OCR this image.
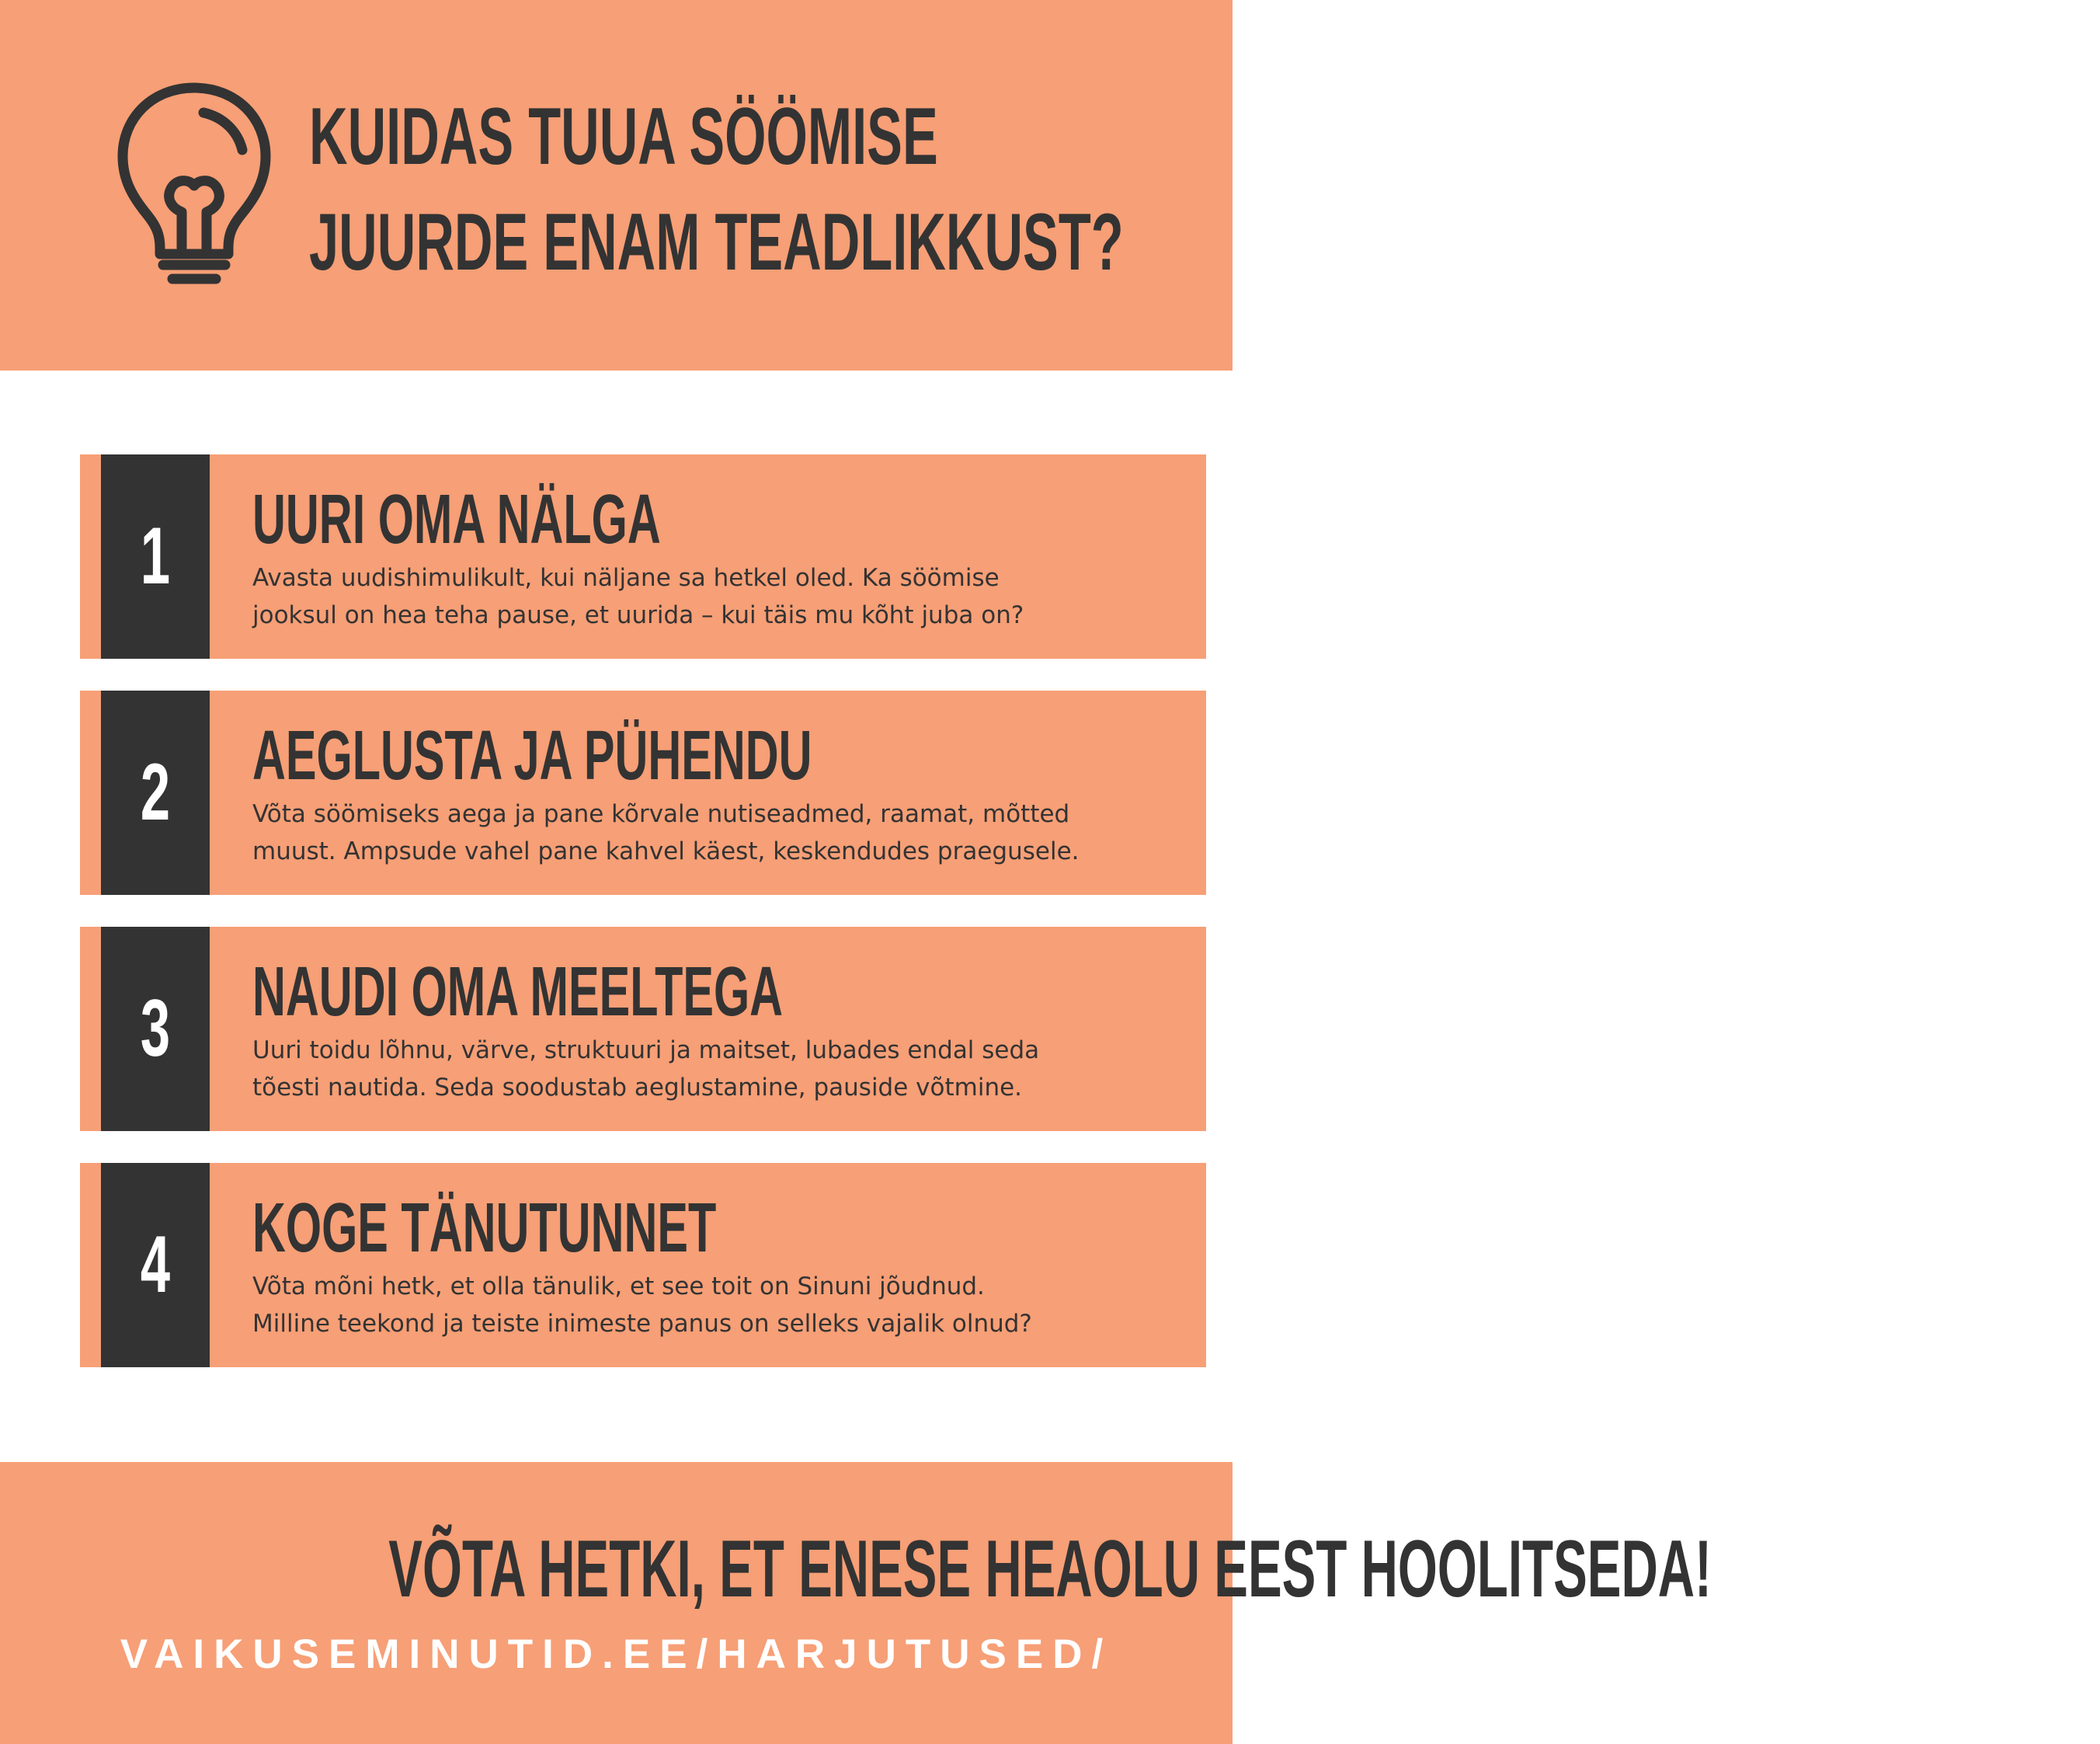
KUIDAS TUUA SÖÖMISE
JUURDE ENAM TEADLIKKUST?
1 UURI OMA NÄLGA
Avasta uudishimulikult, kui näljane sa hetkel oled. Ka söömise
jooksul on hea teha pause, et uurida – kui täis mu kõht juba on?
2 AEGLUSTA JA PÜHENDU
Võta söömiseks aega ja pane kõrvale nutiseadmed, raamat, mõtted
muust. Ampsude vahel pane kahvel käest, keskendudes praegusele.
3 NAUDI OMA MEELTEGA
Uuri toidu lõhnu, värve, struktuuri ja maitset, lubades endal seda
tõesti nautida. Seda soodustab aeglustamine, pauside võtmine.
4 KOGE TÄNUTUNNET
Võta mõni hetk, et olla tänulik, et see toit on Sinuni jõudnud.
Milline teekond ja teiste inimeste panus on selleks vajalik olnud?
VÕTA HETKI, ET ENESE HEAOLU EEST HOOLITSEDA!
VAIKUSEMINUTID.EE/HARJUTUSED/
